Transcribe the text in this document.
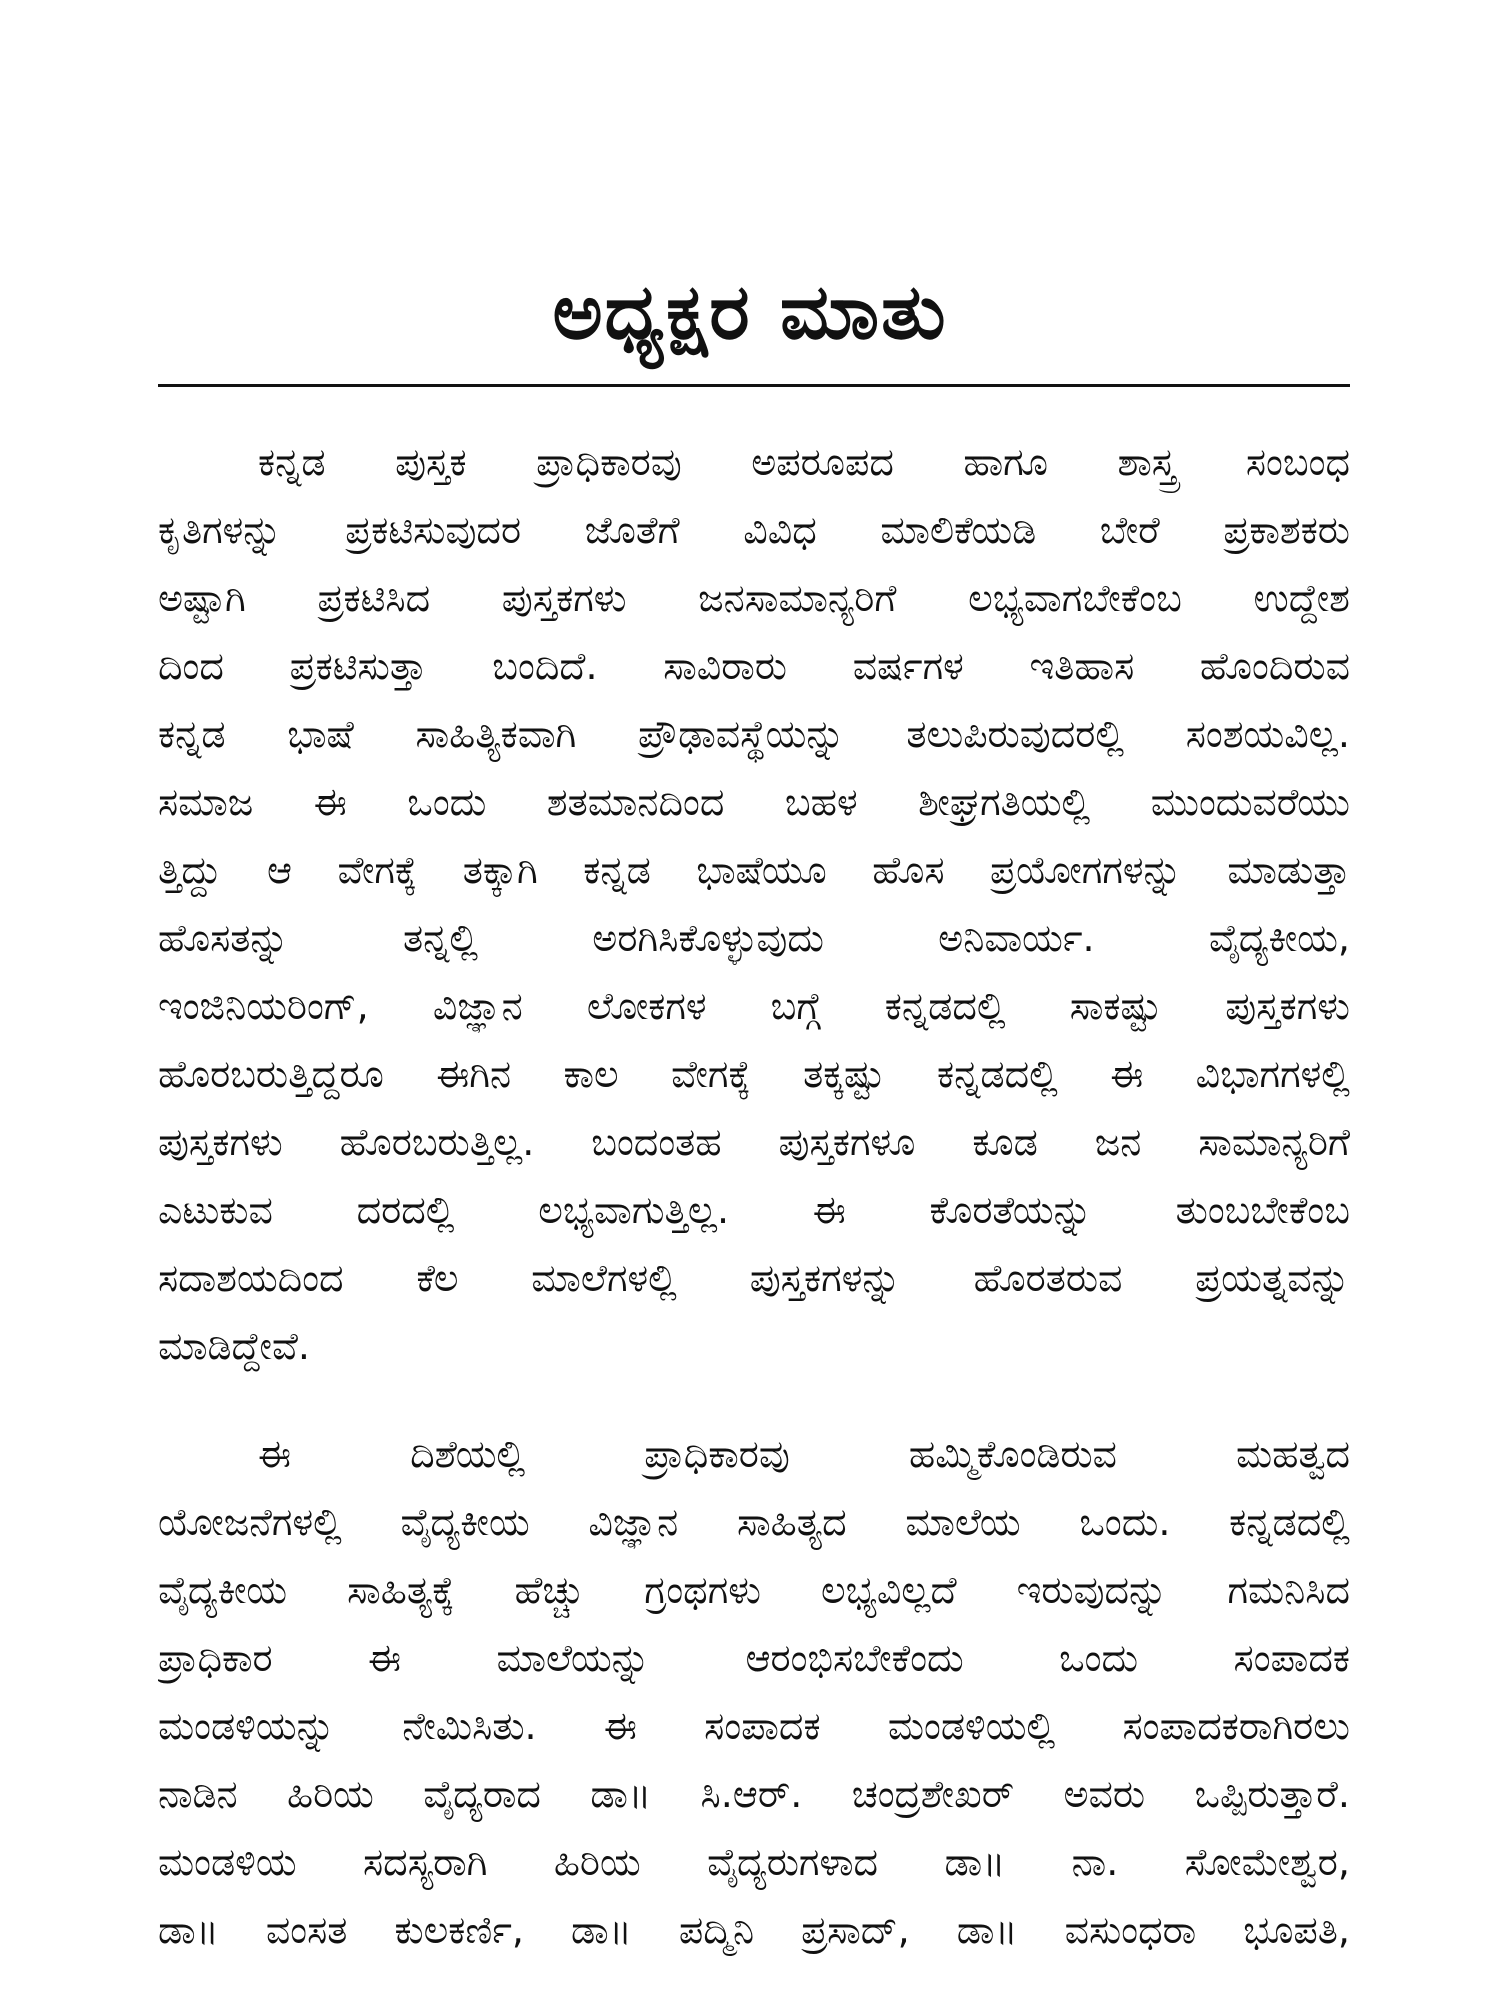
ಅಧ್ಯಕ್ಷರ ಮಾತು
ಕನ್ನಡ ಪುಸ್ತಕ ಪ್ರಾಧಿಕಾರವು ಅಪರೂಪದ ಹಾಗೂ ಶಾಸ್ತ್ರ ಸಂಬಂಧ
ಕೃತಿಗಳನ್ನು ಪ್ರಕಟಿಸುವುದರ ಜೊತೆಗೆ ವಿವಿಧ ಮಾಲಿಕೆಯಡಿ ಬೇರೆ ಪ್ರಕಾಶಕರು
ಅಷ್ಟಾಗಿ ಪ್ರಕಟಿಸಿದ ಪುಸ್ತಕಗಳು ಜನಸಾಮಾನ್ಯರಿಗೆ ಲಭ್ಯವಾಗಬೇಕೆಂಬ ಉದ್ದೇಶ
ದಿಂದ ಪ್ರಕಟಿಸುತ್ತಾ ಬಂದಿದೆ. ಸಾವಿರಾರು ವರ್ಷಗಳ ಇತಿಹಾಸ ಹೊಂದಿರುವ
ಕನ್ನಡ ಭಾಷೆ ಸಾಹಿತ್ಯಿಕವಾಗಿ ಪ್ರೌಢಾವಸ್ಥೆಯನ್ನು ತಲುಪಿರುವುದರಲ್ಲಿ ಸಂಶಯವಿಲ್ಲ.
ಸಮಾಜ ಈ ಒಂದು ಶತಮಾನದಿಂದ ಬಹಳ ಶೀಘ್ರಗತಿಯಲ್ಲಿ ಮುಂದುವರೆಯು
ತ್ತಿದ್ದು ಆ ವೇಗಕ್ಕೆ ತಕ್ಕಾಗಿ ಕನ್ನಡ ಭಾಷೆಯೂ ಹೊಸ ಪ್ರಯೋಗಗಳನ್ನು ಮಾಡುತ್ತಾ
ಹೊಸತನ್ನು ತನ್ನಲ್ಲಿ ಅರಗಿಸಿಕೊಳ್ಳುವುದು ಅನಿವಾರ್ಯ. ವೈದ್ಯಕೀಯ,
ಇಂಜಿನಿಯರಿಂಗ್, ವಿಜ್ಞಾನ ಲೋಕಗಳ ಬಗ್ಗೆ ಕನ್ನಡದಲ್ಲಿ ಸಾಕಷ್ಟು ಪುಸ್ತಕಗಳು
ಹೊರಬರುತ್ತಿದ್ದರೂ ಈಗಿನ ಕಾಲ ವೇಗಕ್ಕೆ ತಕ್ಕಷ್ಟು ಕನ್ನಡದಲ್ಲಿ ಈ ವಿಭಾಗಗಳಲ್ಲಿ
ಪುಸ್ತಕಗಳು ಹೊರಬರುತ್ತಿಲ್ಲ. ಬಂದಂತಹ ಪುಸ್ತಕಗಳೂ ಕೂಡ ಜನ ಸಾಮಾನ್ಯರಿಗೆ
ಎಟುಕುವ ದರದಲ್ಲಿ ಲಭ್ಯವಾಗುತ್ತಿಲ್ಲ. ಈ ಕೊರತೆಯನ್ನು ತುಂಬಬೇಕೆಂಬ
ಸದಾಶಯದಿಂದ ಕೆಲ ಮಾಲೆಗಳಲ್ಲಿ ಪುಸ್ತಕಗಳನ್ನು ಹೊರತರುವ ಪ್ರಯತ್ನವನ್ನು
ಮಾಡಿದ್ದೇವೆ.
ಈ ದಿಶೆಯಲ್ಲಿ ಪ್ರಾಧಿಕಾರವು ಹಮ್ಮಿಕೊಂಡಿರುವ ಮಹತ್ವದ
ಯೋಜನೆಗಳಲ್ಲಿ ವೈದ್ಯಕೀಯ ವಿಜ್ಞಾನ ಸಾಹಿತ್ಯದ ಮಾಲೆಯ ಒಂದು. ಕನ್ನಡದಲ್ಲಿ
ವೈದ್ಯಕೀಯ ಸಾಹಿತ್ಯಕ್ಕೆ ಹೆಚ್ಚು ಗ್ರಂಥಗಳು ಲಭ್ಯವಿಲ್ಲದೆ ಇರುವುದನ್ನು ಗಮನಿಸಿದ
ಪ್ರಾಧಿಕಾರ ಈ ಮಾಲೆಯನ್ನು ಆರಂಭಿಸಬೇಕೆಂದು ಒಂದು ಸಂಪಾದಕ
ಮಂಡಳಿಯನ್ನು ನೇಮಿಸಿತು. ಈ ಸಂಪಾದಕ ಮಂಡಳಿಯಲ್ಲಿ ಸಂಪಾದಕರಾಗಿರಲು
ನಾಡಿನ ಹಿರಿಯ ವೈದ್ಯರಾದ ಡಾ॥ ಸಿ.ಆರ್. ಚಂದ್ರಶೇಖರ್ ಅವರು ಒಪ್ಪಿರುತ್ತಾರೆ.
ಮಂಡಳಿಯ ಸದಸ್ಯರಾಗಿ ಹಿರಿಯ ವೈದ್ಯರುಗಳಾದ ಡಾ॥ ನಾ. ಸೋಮೇಶ್ವರ,
ಡಾ॥ ವಂಸತ ಕುಲಕರ್ಣಿ, ಡಾ॥ ಪದ್ಮಿನಿ ಪ್ರಸಾದ್, ಡಾ॥ ವಸುಂಧರಾ ಭೂಪತಿ,
